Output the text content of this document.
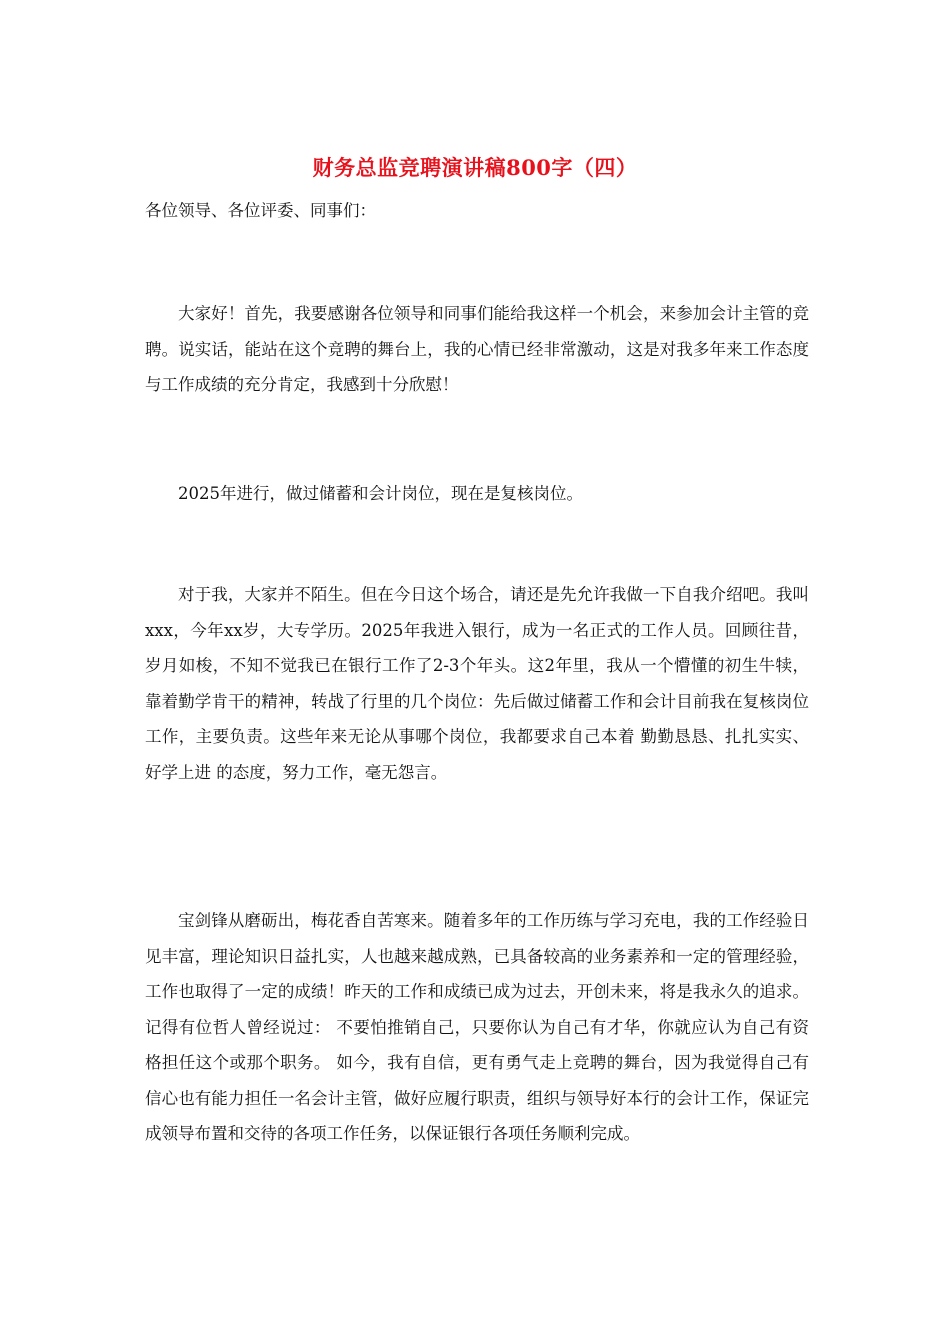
财务总监竞聘演讲稿800字（四）
各位领导、各位评委、同事们：

大家好！首先，我要感谢各位领导和同事们能给我这样一个机会，来参加会计主管的竞聘。说实话，能站在这个竞聘的舞台上，我的心情已经非常激动，这是对我多年来工作态度与工作成绩的充分肯定，我感到十分欣慰！

2025年进行，做过储蓄和会计岗位，现在是复核岗位。

对于我，大家并不陌生。但在今日这个场合，请还是先允许我做一下自我介绍吧。我叫xxx，今年xx岁，大专学历。2025年我进入银行，成为一名正式的工作人员。回顾往昔，岁月如梭，不知不觉我已在银行工作了2-3个年头。这2年里，我从一个懵懂的初生牛犊，靠着勤学肯干的精神，转战了行里的几个岗位：先后做过储蓄工作和会计目前我在复核岗位工作，主要负责。这些年来无论从事哪个岗位，我都要求自己本着 勤勤恳恳、扎扎实实、好学上进 的态度，努力工作，毫无怨言。

宝剑锋从磨砺出，梅花香自苦寒来。随着多年的工作历练与学习充电，我的工作经验日见丰富，理论知识日益扎实，人也越来越成熟，已具备较高的业务素养和一定的管理经验，工作也取得了一定的成绩！昨天的工作和成绩已成为过去，开创未来，将是我永久的追求。记得有位哲人曾经说过： 不要怕推销自己，只要你认为自己有才华，你就应认为自己有资格担任这个或那个职务。 如今，我有自信，更有勇气走上竞聘的舞台，因为我觉得自己有信心也有能力担任一名会计主管，做好应履行职责，组织与领导好本行的会计工作，保证完成领导布置和交待的各项工作任务，以保证银行各项任务顺利完成。
